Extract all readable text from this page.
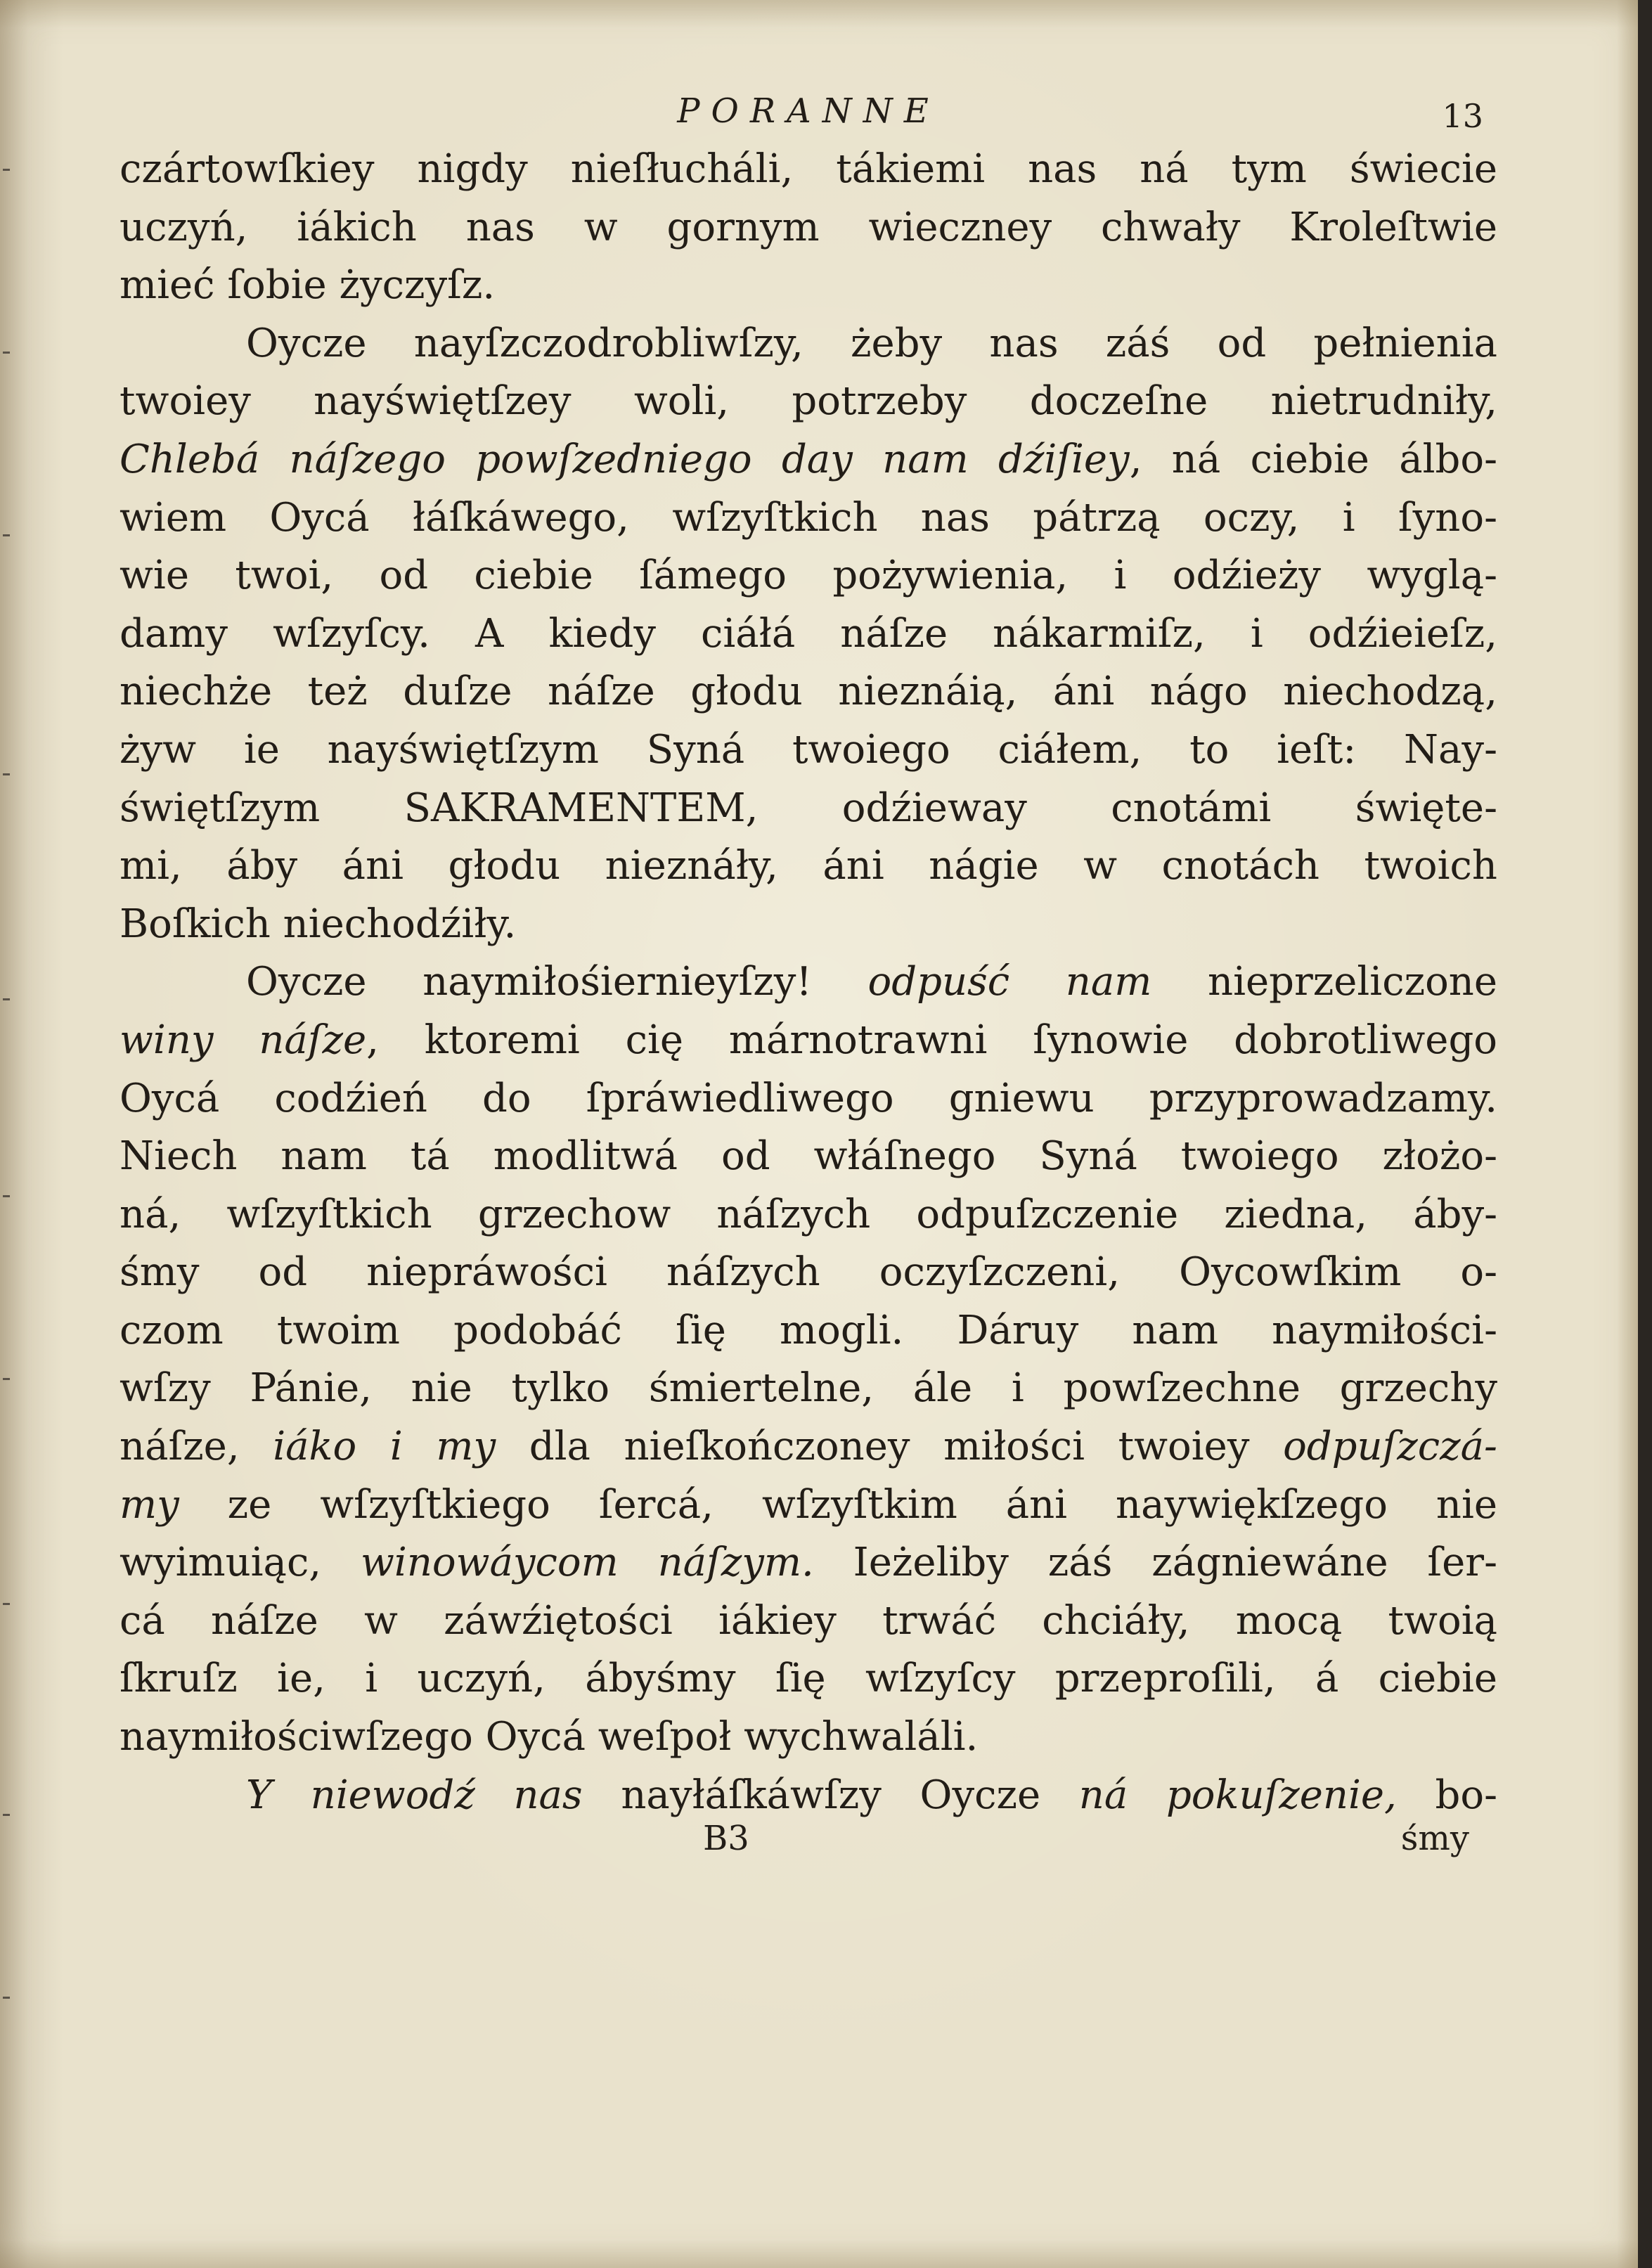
PORANNE	13
czártowſkiey nigdy nieſłucháli, tákiemi nas ná tym świecie
uczyń, iákich nas w gornym wieczney chwały Kroleſtwie
mieć ſobie życzyſz.
Oycze nayſzczodrobliwſzy, żeby nas záś od pełnienia
twoiey nayświętſzey woli, potrzeby doczeſne nietrudniły,
Chlebá náſzego powſzedniego day nam dźiſiey, ná ciebie álbo-
wiem Oycá łáſkáwego, wſzyſtkich nas pátrzą oczy, i ſyno-
wie twoi, od ciebie ſámego pożywienia, i odźieży wyglą-
damy wſzyſcy. A kiedy ciáłá náſze nákarmiſz, i odźieieſz,
niechże też duſze náſze głodu nieznáią, áni nágo niechodzą,
żyw ie nayświętſzym Syná twoiego ciáłem, to ieſt: Nay-
świętſzym SAKRAMENTEM, odźieway cnotámi święte-
mi, áby áni głodu nieznáły, áni nágie w cnotách twoich
Boſkich niechodźiły.
Oycze naymiłośiernieyſzy! odpuść nam nieprzeliczone
winy náſze, ktoremi cię márnotrawni ſynowie dobrotliwego
Oycá codźień do ſpráwiedliwego gniewu przyprowadzamy.
Niech nam tá modlitwá od włáſnego Syná twoiego złożo-
ná, wſzyſtkich grzechow náſzych odpuſzczenie ziedna, áby-
śmy od niepráwości náſzych oczyſzczeni, Oycowſkim o-
czom twoim podobáć ſię mogli. Dáruy nam naymiłości-
wſzy Pánie, nie tylko śmiertelne, ále i powſzechne grzechy
náſze, iáko i my dla nieſkończoney miłości twoiey odpuſzczá-
my ze wſzyſtkiego ſercá, wſzyſtkim áni naywiękſzego nie
wyimuiąc, winowáycom náſzym. Ieżeliby záś zágniewáne ſer-
cá náſze w záwźiętości iákiey trwáć chciáły, mocą twoią
ſkruſz ie, i uczyń, ábyśmy ſię wſzyſcy przeproſili, á ciebie
naymiłościwſzego Oycá weſpoł wychwaláli.
Y niewodź nas nayłáſkáwſzy Oycze ná pokuſzenie, bo-
B3	śmy
